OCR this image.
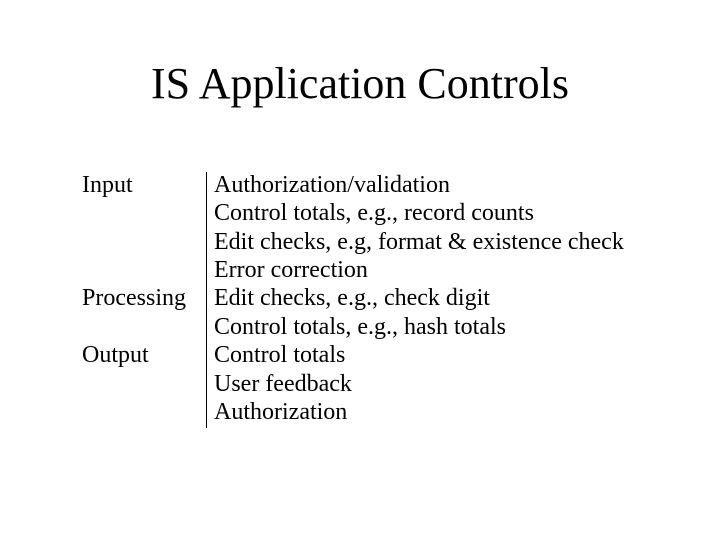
IS Application Controls
Input
Processing
Output
Authorization/validation
Control totals, e.g., record counts
Edit checks, e.g, format & existence check
Error correction
Edit checks, e.g., check digit
Control totals, e.g., hash totals
Control totals
User feedback
Authorization
